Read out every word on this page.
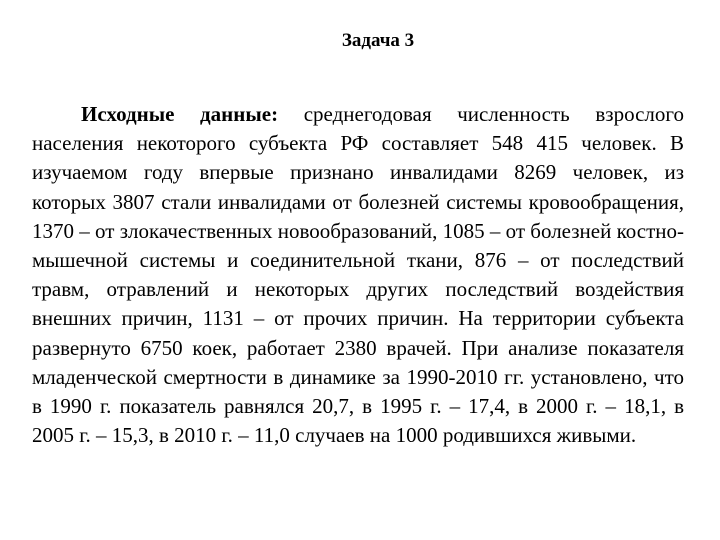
Задача 3

Исходные данные: среднегодовая численность взрослого населения некоторого субъекта РФ составляет 548 415 человек. В изучаемом году впервые признано инвалидами 8269 человек, из которых 3807 стали инвалидами от болезней системы кровообращения, 1370 – от злокачественных новообразований, 1085 – от болезней костно-мышечной системы и соединительной ткани, 876 – от последствий травм, отравлений и некоторых других последствий воздействия внешних причин, 1131 – от прочих причин. На территории субъекта развернуто 6750 коек, работает 2380 врачей. При анализе показателя младенческой смертности в динамике за 1990-2010 гг. установлено, что в 1990 г. показатель равнялся 20,7, в 1995 г. – 17,4, в 2000 г. – 18,1, в 2005 г. – 15,3, в 2010 г. – 11,0 случаев на 1000 родившихся живыми.
